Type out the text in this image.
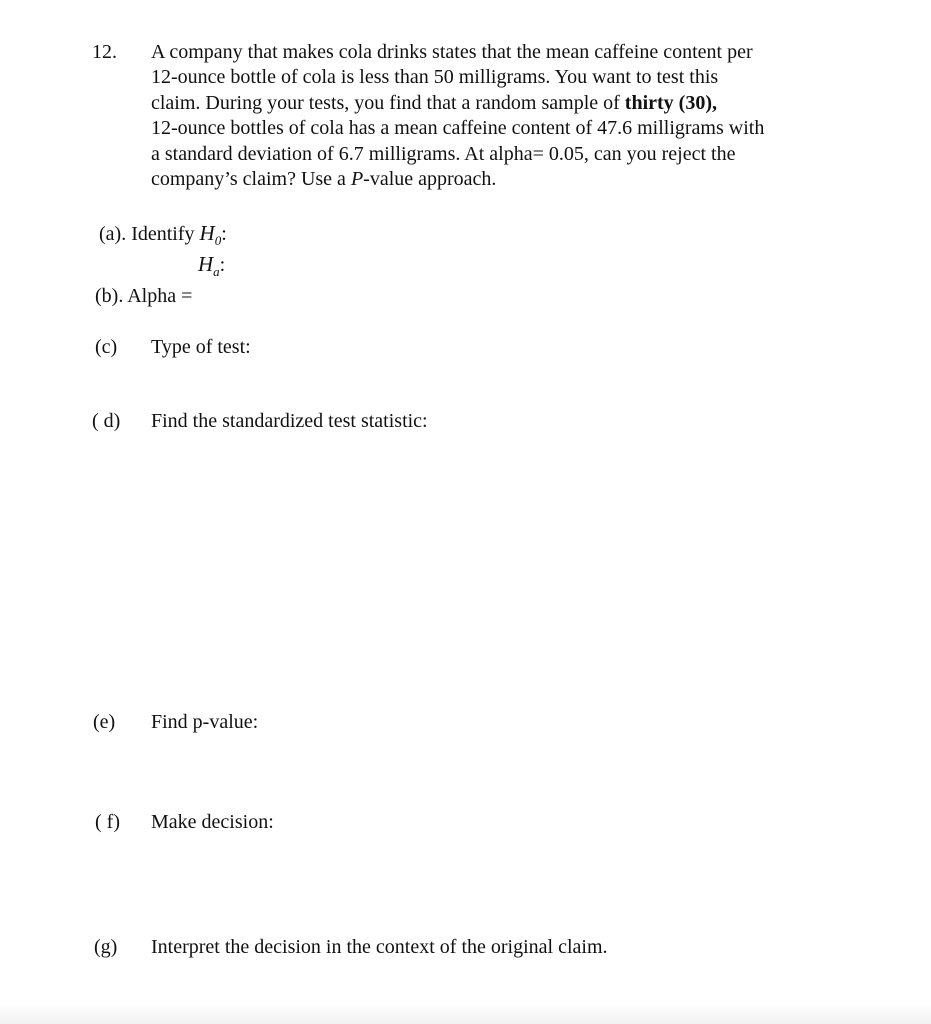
12. A company that makes cola drinks states that the mean caffeine content per
12-ounce bottle of cola is less than 50 milligrams. You want to test this
claim. During your tests, you find that a random sample of thirty (30),
12-ounce bottles of cola has a mean caffeine content of 47.6 milligrams with
a standard deviation of 6.7 milligrams. At alpha= 0.05, can you reject the
company’s claim? Use a P-value approach.
(a). Identify $H_0$:
$H_a$:
(b). Alpha =
(c) Type of test:
( d) Find the standardized test statistic:
(e) Find p-value:
( f) Make decision:
(g) Interpret the decision in the context of the original claim.
